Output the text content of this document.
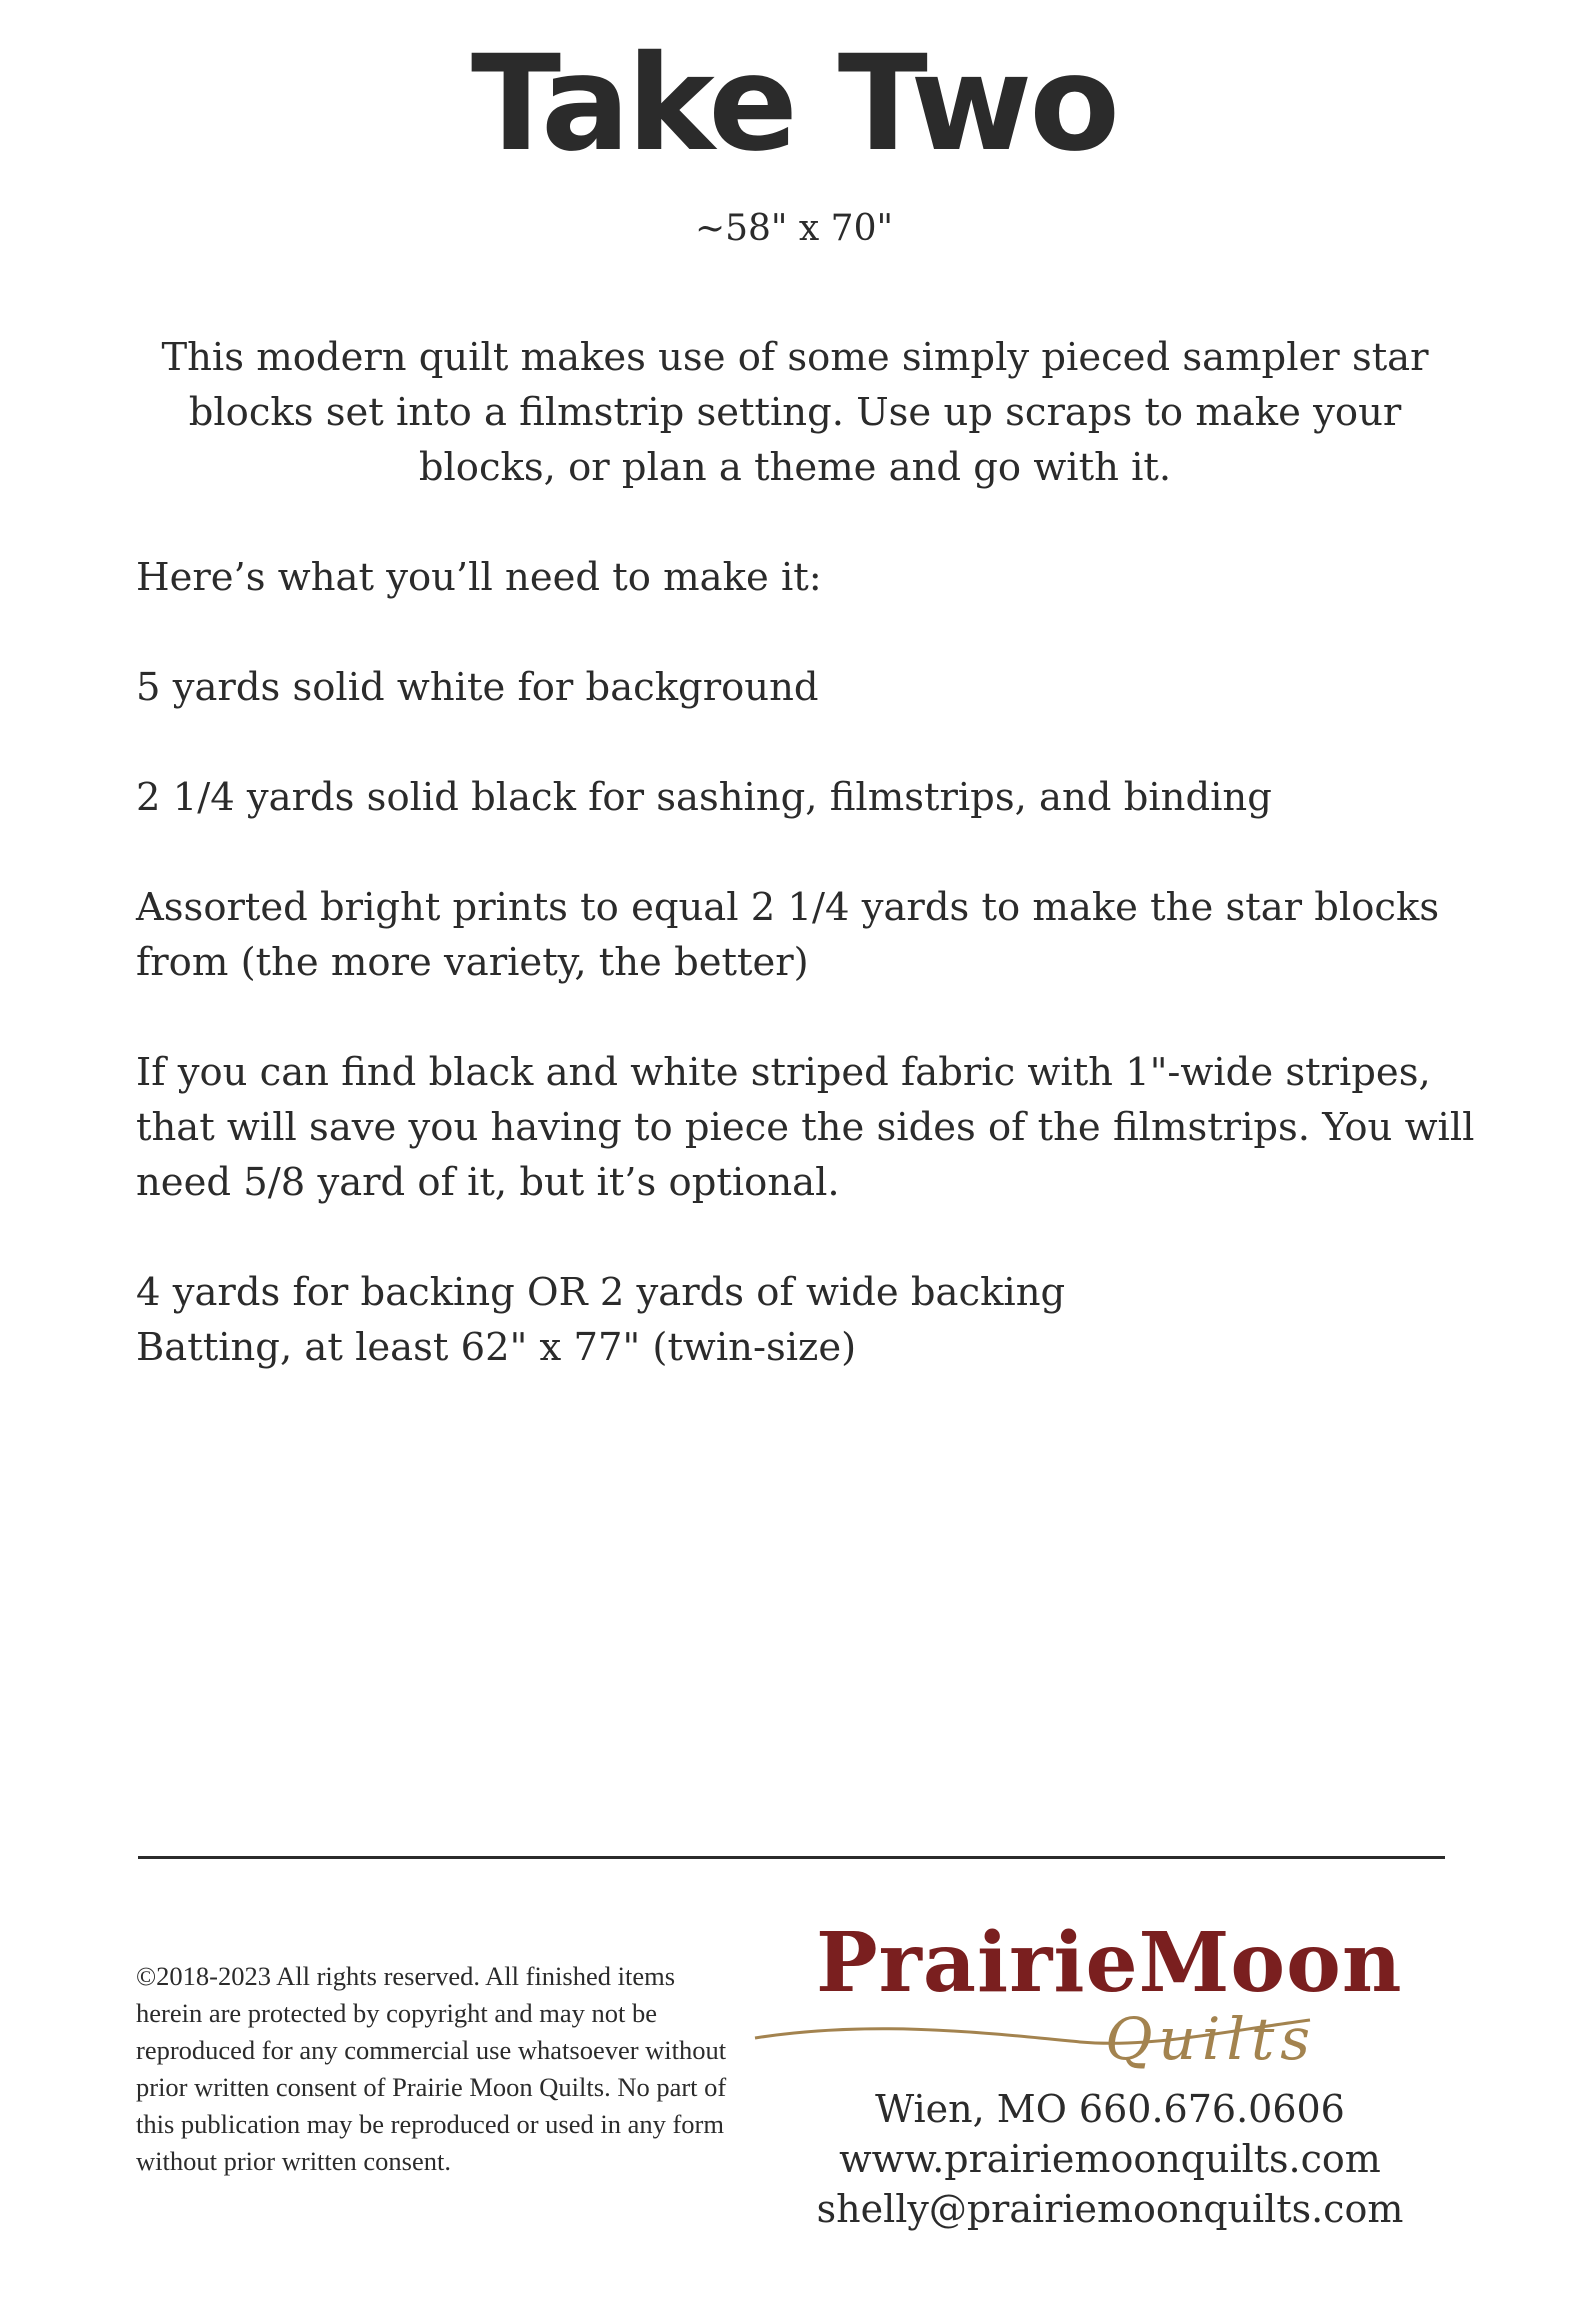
Take Two
~58" x 70"
This modern quilt makes use of some simply pieced sampler star blocks set into a filmstrip setting. Use up scraps to make your blocks, or plan a theme and go with it.
Here’s what you’ll need to make it:
5 yards solid white for background
2 1/4 yards solid black for sashing, filmstrips, and binding
Assorted bright prints to equal 2 1/4 yards to make the star blocks from (the more variety, the better)
If you can find black and white striped fabric with 1"-wide stripes, that will save you having to piece the sides of the filmstrips. You will need 5/8 yard of it, but it’s optional.
4 yards for backing OR 2 yards of wide backing
Batting, at least 62" x 77" (twin-size)
©2018-2023 All rights reserved. All finished items herein are protected by copyright and may not be reproduced for any commercial use whatsoever without prior written consent of Prairie Moon Quilts. No part of this publication may be reproduced or used in any form without prior written consent.
PrairieMoon
Quilts
Wien, MO 660.676.0606
www.prairiemoonquilts.com
shelly@prairiemoonquilts.com
